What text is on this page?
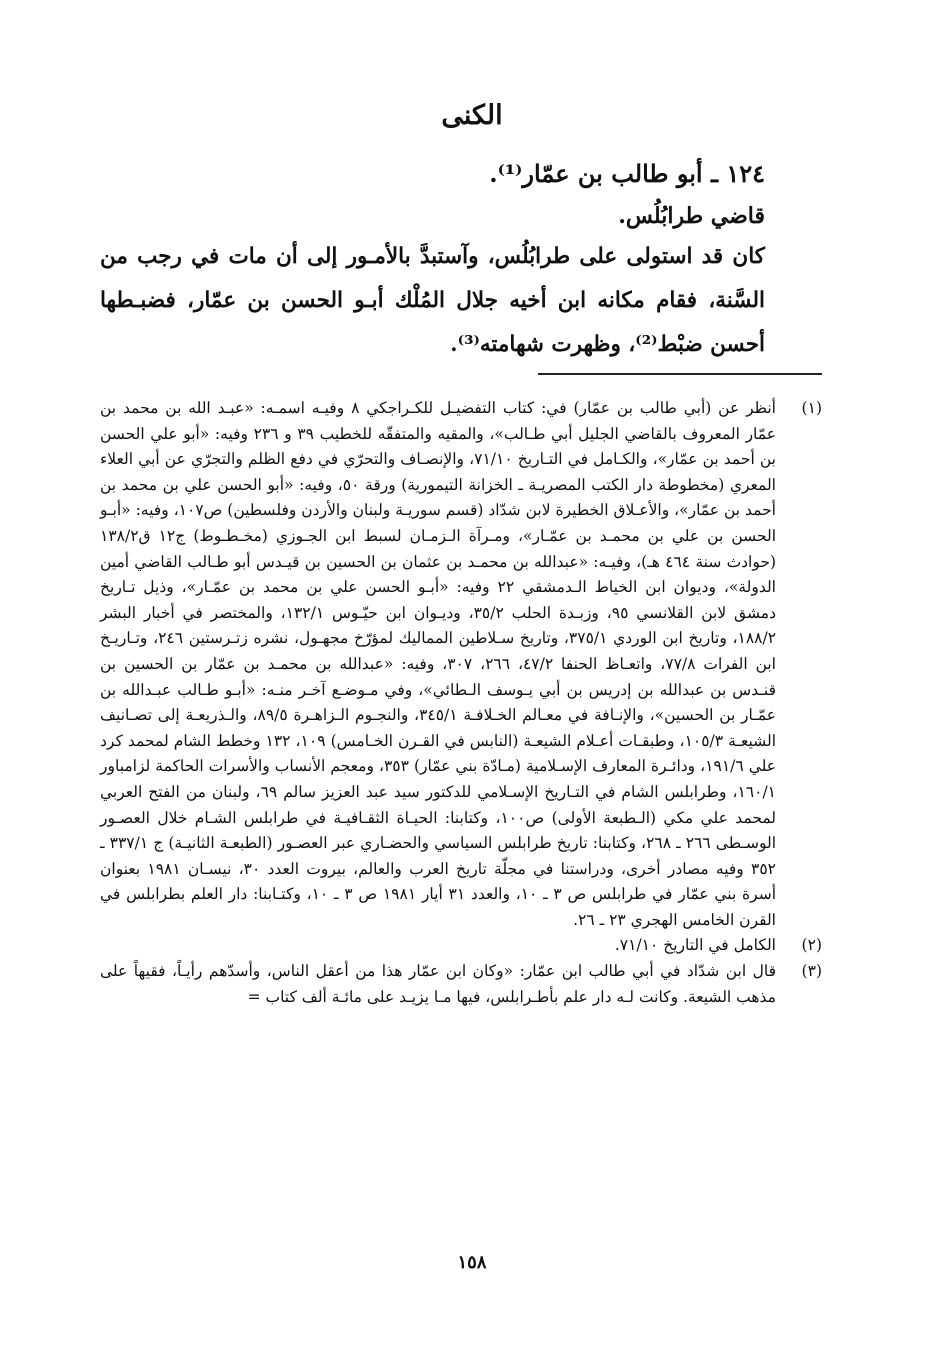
الكنى
١٢٤ ـ أبو طالب بن عمّار⁽¹⁾.
قاضي طرابُلُس.
كان قد استولى على طرابُلُس، وآستبدَّ بالأمـور إلى أن مات في رجب من السَّنة، فقام مكانه ابن أخيه جلال المُلْك أبـو الحسن بن عمّار، فضبـطها أحسن ضبْط⁽²⁾، وظهرت شهامته⁽³⁾.
(١)
أنظر عن (أبي طالب بن عمّار) في: كتاب التفضيـل للكـراجكي ٨ وفيـه اسمـه: «عبـد الله بن محمد بن عمّار المعروف بالقاضي الجليل أبي طـالب»، والمقيه والمتفقّه للخطيب ٣٩ و ٢٣٦ وفيه: «أبو علي الحسن بن أحمد بن عمّار»، والكـامل في التـاريخ ٧١/١٠، والإنصـاف والتحرّي في دفع الظلم والتجرّي عن أبي العلاء المعري (مخطوطة دار الكتب المصريـة ـ الخزانة التيمورية) ورقة ٥٠، وفيه: «أبو الحسن علي بن محمد بن أحمد بن عمّار»، والأعـلاق الخطيرة لابن شدّاد (قسم سوريـة ولبنان والأردن وفلسطين) ص١٠٧، وفيه: «أبـو الحسن بن علي بن محمـد بن عمّـار»، ومـرآة الـزمـان لسبط ابن الجـوزي (مخـطـوط) ج١٢ ق١٣٨/٢ (حوادث سنة ٤٦٤ هـ)، وفيـه: «عبدالله بن محمـد بن عثمان بن الحسين بن قيـدس أبو طـالب القاضي أمين الدولة»، وديوان ابن الخياط الـدمشقي ٢٢ وفيه: «أبـو الحسن علي بن محمد بن عمّـار»، وذيل تـاريخ دمشق لابن القلانسي ٩٥، وزبـدة الحلب ٣٥/٢، وديـوان ابن حيّـوس ١٣٢/١، والمختصر في أخبار البشر ١٨٨/٢، وتاريخ ابن الوردي ٣٧٥/١، وتاريخ سـلاطين المماليك لمؤرّخ مجهـول، نشره زتـرستين ٢٤٦، وتـاريـخ ابن الفرات ٧٧/٨، واتعـاظ الحنفا ٤٧/٢، ٢٦٦، ٣٠٧، وفيه: «عبدالله بن محمـد بن عمّار بن الحسين بن قنـدس بن عبدالله بن إدريس بن أبي يـوسف الـطائي»، وفي مـوضـع آخـر منـه: «أبـو طـالب عبـدالله بن عمّـار بن الحسين»، والإنـافة في معـالم الخـلافـة ٣٤٥/١، والنجـوم الـزاهـرة ٨٩/٥، والـذريعـة إلى تصـانيف الشيعـة ١٠٥/٣، وطبقـات أعـلام الشيعـة (النابس في القـرن الخـامس) ١٠٩، ١٣٢ وخطط الشام لمحمد كرد علي ١٩١/٦، ودائـرة المعارف الإسـلامية (مـادّة بني عمّار) ٣٥٣، ومعجم الأنساب والأسرات الحاكمة لزامباور ١٦٠/١، وطرابلس الشام في التـاريخ الإسـلامي للدكتور سيد عبد العزيز سالم ٦٩، ولبنان من الفتح العربي لمحمد علي مكي (الـطبعة الأولى) ص١٠٠، وكتابنا: الحيـاة الثقـافيـة في طرابلس الشـام خلال العصـور الوسـطى ٢٦٦ ـ ٢٦٨، وكتابنا: تاريخ طرابلس السياسي والحضـاري عبر العصـور (الطبعـة الثانيـة) ج ٣٣٧/١ ـ ٣٥٢ وفيه مصادر أخرى، ودراستنا في مجلّة تاريخ العرب والعالم، بيروت العدد ٣٠، نيسـان ١٩٨١ بعنوان أسرة بني عمّار في طرابلس ص ٣ ـ ١٠، والعدد ٣١ أيار ١٩٨١ ص ٣ ـ ١٠، وكتـابنا: دار العلم بطرابلس في القرن الخامس الهجري ٢٣ ـ ٢٦.
(٢)
الكامل في التاريخ ٧١/١٠.
(٣)
قال ابن شدّاد في أبي طالب ابن عمّار: «وكان ابن عمّار هذا من أعقل الناس، وأسدّهم رأيـاً، فقيهاً على مذهب الشيعة. وكانت لـه دار علم بأطـرابلس، فيها مـا يزيـد على مائـة ألف كتاب =
١٥٨
